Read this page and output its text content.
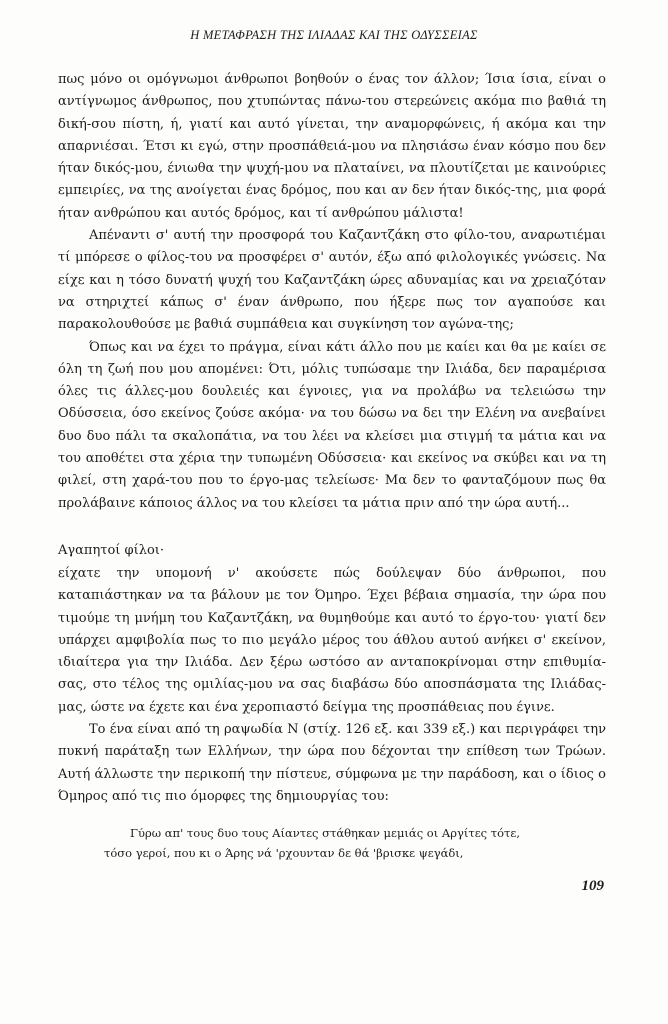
Η ΜΕΤΑΦΡΑΣΗ ΤΗΣ ΙΛΙΑΔΑΣ ΚΑΙ ΤΗΣ ΟΔΥΣΣΕΙΑΣ

πως μόνο οι ομόγνωμοι άνθρωποι βοηθούν ο ένας τον άλλον; Ίσια ίσια, είναι ο αντίγνωμος άνθρωπος, που χτυπώντας πάνω-του στερεώνεις ακόμα πιο βαθιά τη δική-σου πίστη, ή, γιατί και αυτό γίνεται, την αναμορφώνεις, ή ακόμα και την απαρνιέσαι. Έτσι κι εγώ, στην προσπάθειά-μου να πλησιάσω έναν κόσμο που δεν ήταν δικός-μου, ένιωθα την ψυχή-μου να πλαταίνει, να πλουτίζεται με καινούριες εμπειρίες, να της ανοίγεται ένας δρόμος, που και αν δεν ήταν δικός-της, μια φορά ήταν ανθρώπου και αυτός δρόμος, και τί ανθρώπου μάλιστα!

Απέναντι σ' αυτή την προσφορά του Καζαντζάκη στο φίλο-του, αναρωτιέμαι τί μπόρεσε ο φίλος-του να προσφέρει σ' αυτόν, έξω από φιλολογικές γνώσεις. Να είχε και η τόσο δυνατή ψυχή του Καζαντζάκη ώρες αδυναμίας και να χρειαζόταν να στηριχτεί κάπως σ' έναν άνθρωπο, που ήξερε πως τον αγαπούσε και παρακολουθούσε με βαθιά συμπάθεια και συγκίνηση τον αγώνα-της;

Όπως και να έχει το πράγμα, είναι κάτι άλλο που με καίει και θα με καίει σε όλη τη ζωή που μου απομένει: Ότι, μόλις τυπώσαμε την Ιλιάδα, δεν παραμέρισα όλες τις άλλες-μου δουλειές και έγνοιες, για να προλάβω να τελειώσω την Οδύσσεια, όσο εκείνος ζούσε ακόμα· να του δώσω να δει την Ελένη να ανεβαίνει δυο δυο πάλι τα σκαλοπάτια, να του λέει να κλείσει μια στιγμή τα μάτια και να του αποθέτει στα χέρια την τυπωμένη Οδύσσεια· και εκείνος να σκύβει και να τη φιλεί, στη χαρά-του που το έργο-μας τελείωσε· Μα δεν το φανταζόμουν πως θα προλάβαινε κάποιος άλλος να του κλείσει τα μάτια πριν από την ώρα αυτή...

Αγαπητοί φίλοι·

είχατε την υπομονή ν' ακούσετε πώς δούλεψαν δύο άνθρωποι, που καταπιάστηκαν να τα βάλουν με τον Όμηρο. Έχει βέβαια σημασία, την ώρα που τιμούμε τη μνήμη του Καζαντζάκη, να θυμηθούμε και αυτό το έργο-του· γιατί δεν υπάρχει αμφιβολία πως το πιο μεγάλο μέρος του άθλου αυτού ανήκει σ' εκείνον, ιδιαίτερα για την Ιλιάδα. Δεν ξέρω ωστόσο αν ανταποκρίνομαι στην επιθυμία-σας, στο τέλος της ομιλίας-μου να σας διαβάσω δύο αποσπάσματα της Ιλιάδας-μας, ώστε να έχετε και ένα χεροπιαστό δείγμα της προσπάθειας που έγινε.

Το ένα είναι από τη ραψωδία Ν (στίχ. 126 εξ. και 339 εξ.) και περιγράφει την πυκνή παράταξη των Ελλήνων, την ώρα που δέχονται την επίθεση των Τρώων. Αυτή άλλωστε την περικοπή την πίστευε, σύμφωνα με την παράδοση, και ο ίδιος ο Όμηρος από τις πιο όμορφες της δημιουργίας του:

Γύρω απ' τους δυο τους Αίαντες στάθηκαν μεμιάς οι Αργίτες τότε,
τόσο γεροί, που κι ο Άρης νά 'ρχουνταν δε θά 'βρισκε ψεγάδι,
109
